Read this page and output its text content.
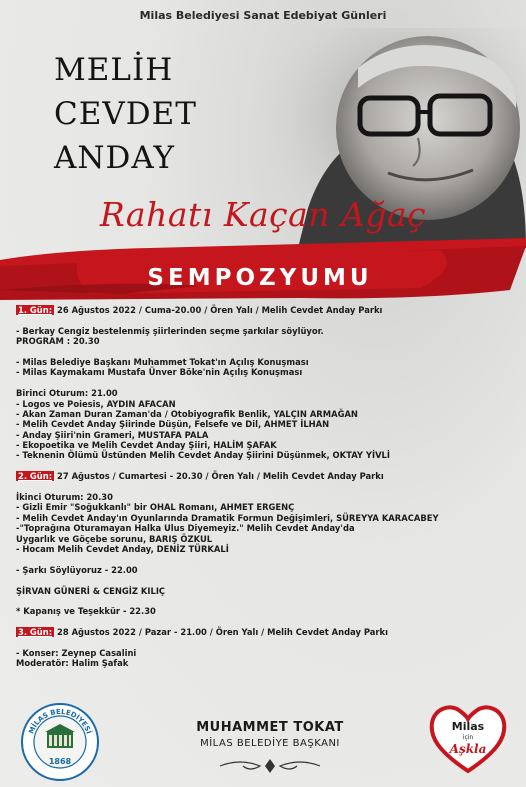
Milas Belediyesi Sanat Edebiyat Günleri
MELİH
CEVDET
ANDAY
Rahatı Kaçan Ağaç
SEMPOZYUMU
1. Gün: 26 Ağustos 2022 / Cuma-20.00 / Ören Yalı / Melih Cevdet Anday Parkı
- Berkay Cengiz bestelenmiş şiirlerinden seçme şarkılar söylüyor.
PROGRAM : 20.30
- Milas Belediye Başkanı Muhammet Tokat'ın Açılış Konuşması
- Milas Kaymakamı Mustafa Ünver Böke'nin Açılış Konuşması
Birinci Oturum: 21.00
- Logos ve Poiesis, AYDIN AFACAN
- Akan Zaman Duran Zaman'da / Otobiyografik Benlik, YALÇIN ARMAĞAN
- Melih Cevdet Anday Şiirinde Düşün, Felsefe ve Dil, AHMET İLHAN
- Anday Şiiri'nin Grameri, MUSTAFA PALA
- Ekopoetika ve Melih Cevdet Anday Şiiri, HALİM ŞAFAK
- Teknenin Ölümü Üstünden Melih Cevdet Anday Şiirini Düşünmek, OKTAY YİVLİ
2. Gün: 27 Ağustos / Cumartesi - 20.30 / Ören Yalı / Melih Cevdet Anday Parkı
İkinci Oturum: 20.30
- Gizli Emir "Soğukkanlı" bir OHAL Romanı, AHMET ERGENÇ
- Melih Cevdet Anday'ın Oyunlarında Dramatik Formun Değişimleri, SÜREYYA KARACABEY
-"Toprağına Oturamayan Halka Ulus Diyemeyiz." Melih Cevdet Anday'da
Uygarlık ve Göçebe sorunu, BARIŞ ÖZKUL
- Hocam Melih Cevdet Anday, DENİZ TÜRKALİ
- Şarkı Söylüyoruz - 22.00
ŞİRVAN GÜNERİ & CENGİZ KILIÇ
* Kapanış ve Teşekkür - 22.30
3. Gün: 28 Ağustos 2022 / Pazar - 21.00 / Ören Yalı / Melih Cevdet Anday Parkı
- Konser: Zeynep Casalini
Moderatör: Halim Şafak
MİLAS BELEDİYESİ
1868
MUHAMMET TOKAT
MİLAS BELEDİYE BAŞKANI
Milas
için
Aşkla
